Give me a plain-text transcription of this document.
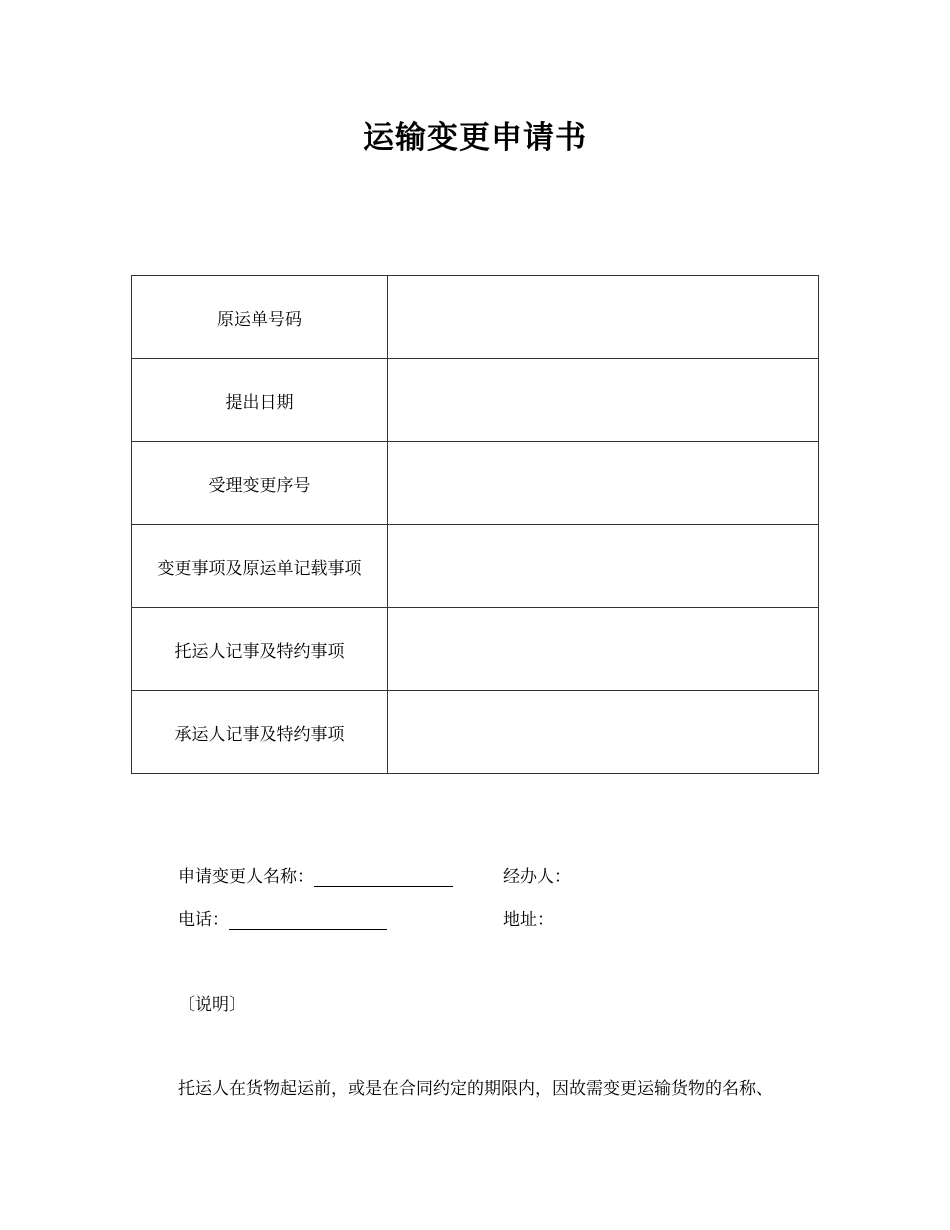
运输变更申请书
原运单号码	
提出日期	
受理变更序号	
变更事项及原运单记载事项	
托运人记事及特约事项	
承运人记事及特约事项	
申请变更人名称：	经办人：
电话：	地址：
〔说明〕
托运人在货物起运前，或是在合同约定的期限内，因故需变更运输货物的名称、
